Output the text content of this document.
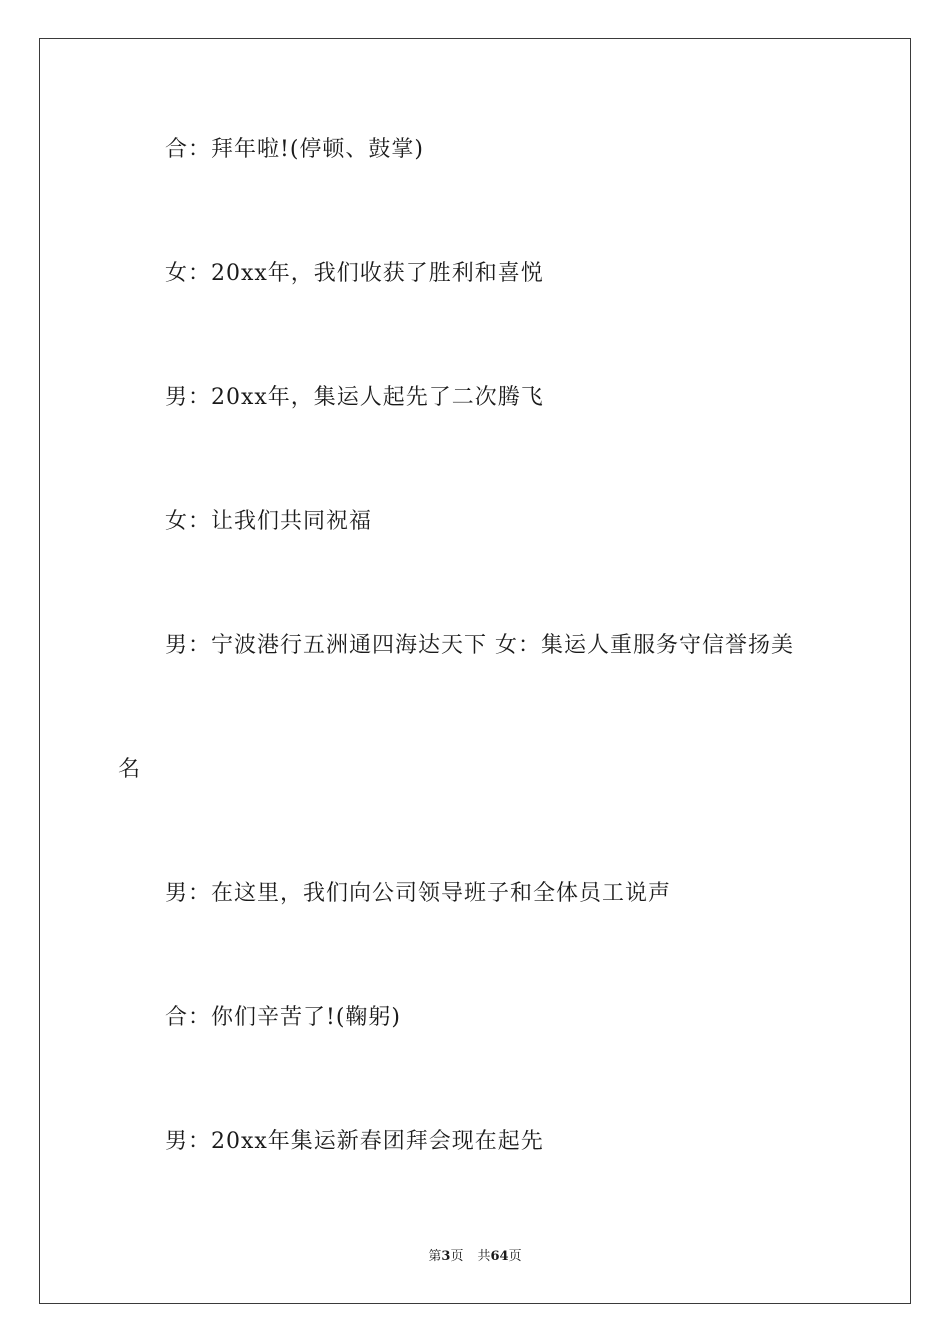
合：拜年啦!(停顿、鼓掌)
女：20xx年，我们收获了胜利和喜悦
男：20xx年，集运人起先了二次腾飞
女：让我们共同祝福
男：宁波港行五洲通四海达天下 女：集运人重服务守信誉扬美
名
男：在这里，我们向公司领导班子和全体员工说声
合：你们辛苦了!(鞠躬)
男：20xx年集运新春团拜会现在起先
第3页 共64页
